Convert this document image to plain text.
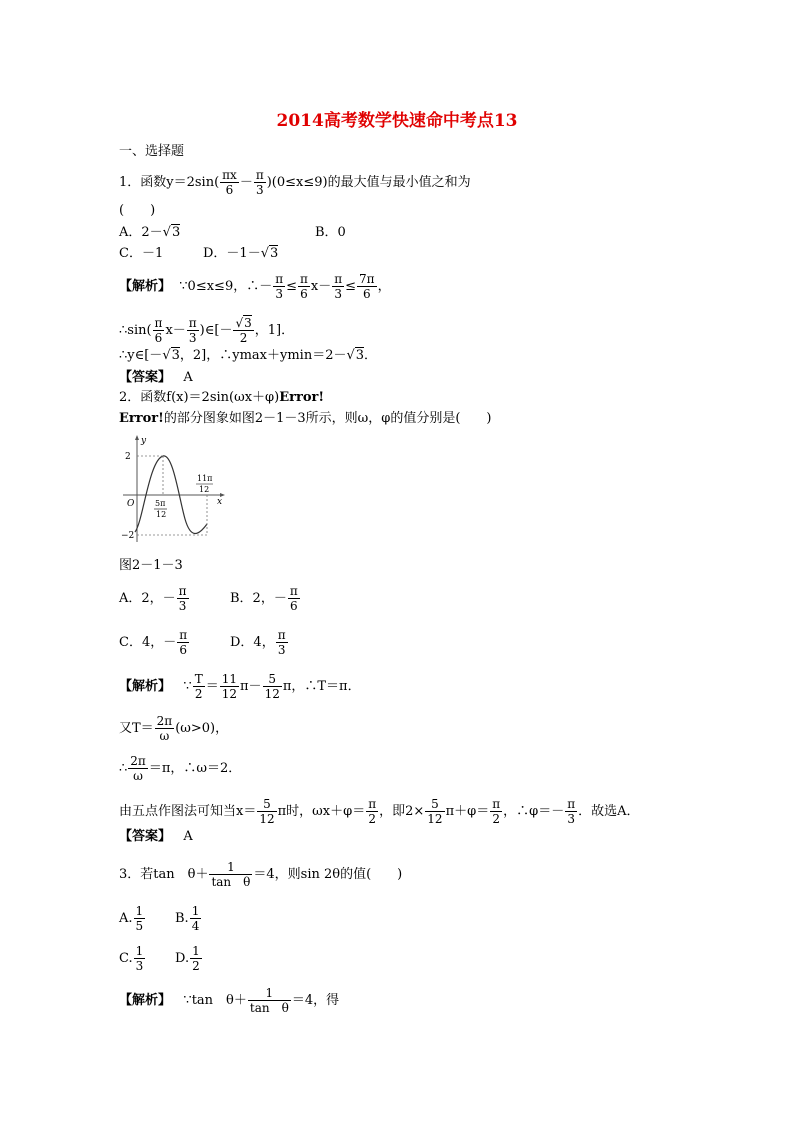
2014高考数学快速命中考点13
一、选择题
1．函数$y=2\sin( \frac{\pi x}{6} - \frac{\pi}{3} )(0\le x\le 9)$的最大值与最小值之和为
(　　)
A．2－√3	B．0
C．－1	D．－1－√3
【解析】 ∵0≤x≤9，∴－ $\frac{\pi}{3} \le \frac{\pi}{6} x- \frac{\pi}{3} \le \frac{7\pi}{6}$ ，
∴sin( $\frac{\pi}{6} x- \frac{\pi}{3}$ )∈[－ $\frac{√3}{2}$ ，1]．
∴y∈[－√3，2]，∴ymax＋ymin＝2－√3．
【答案】 A
2．函数f(x)＝2sin(ωx＋φ)Error!
Error!的部分图象如图2－1－3所示，则ω，φ的值分别是(　　)
y
x
O
2
−2
5π
12
11π
12
图2－1－3
A．2，－ $\frac{\pi}{3}$	B．2，－ $\frac{\pi}{6}$
C．4，－ $\frac{\pi}{6}$	D．4， $\frac{\pi}{3}$
【解析】 ∵ $\frac{T}{2} = \frac{11}{12} \pi- \frac{5}{12}$ π，∴T＝π．
又$T= \frac{2\pi}{\omega} (\omega>0)$，
∴ $\frac{2\pi}{\omega} =\pi$，∴ω＝2．
由五点作图法可知当$x= \frac{5}{12}$ π时，$\omega x+\varphi= \frac{\pi}{2}$ ，即$2\times \frac{5}{12} \pi+\varphi= \frac{\pi}{2}$ ，∴φ＝－ $\frac{\pi}{3}$ ．故选A．
【答案】 A
3．若tan　$\theta+ \frac{1}{\text{tan　θ}} =4$，则sin 2θ的值(　　)
A. $\frac{1}{5} B$. $\frac{1}{4}$
C. $\frac{1}{3} D$. $\frac{1}{2}$
【解析】 ∵tan　$\theta+ \frac{1}{\text{tan　θ}} =4$，得
